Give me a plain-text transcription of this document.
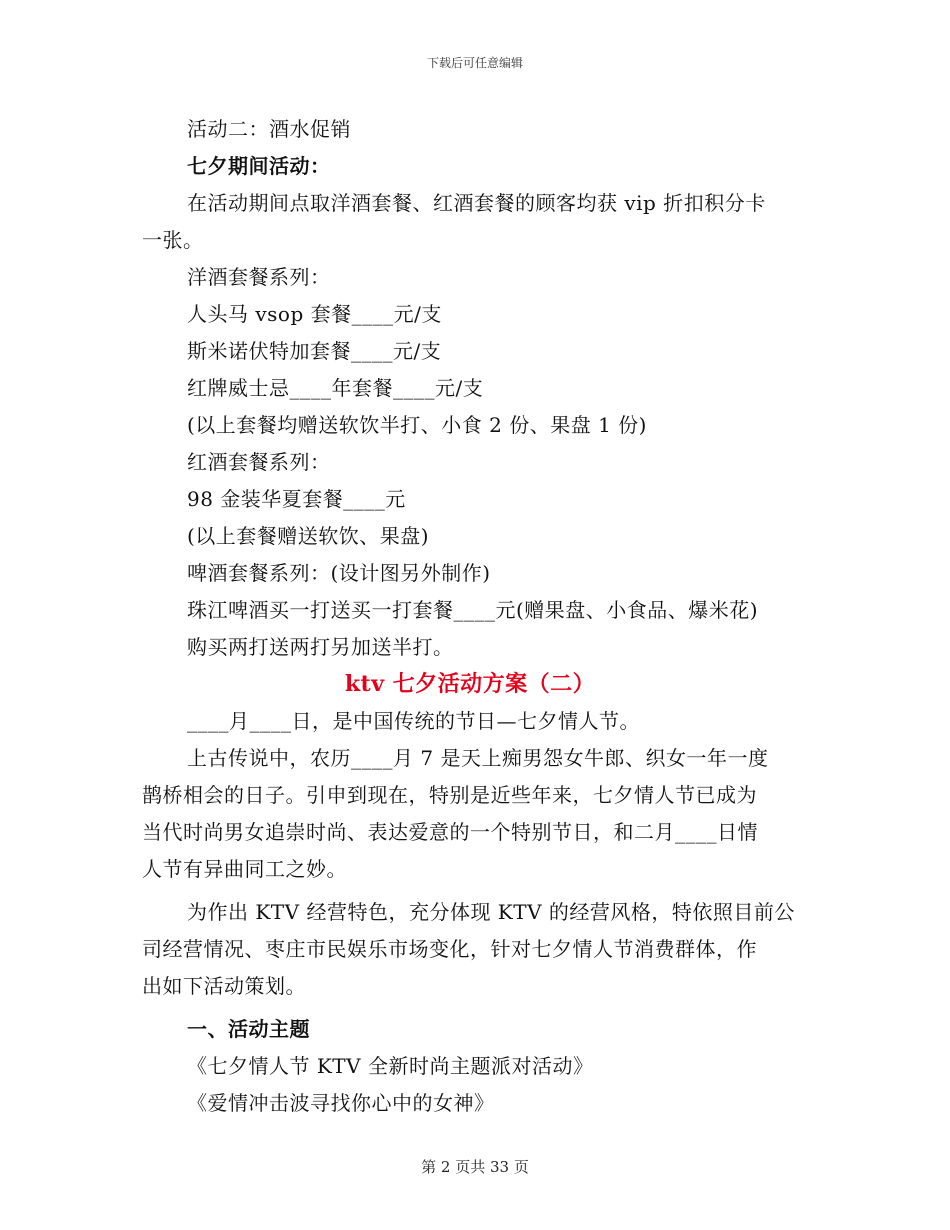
下载后可任意编辑
活动二：酒水促销
七夕期间活动：
在活动期间点取洋酒套餐、红酒套餐的顾客均获 vip 折扣积分卡
一张。
洋酒套餐系列：
人头马 vsop 套餐____元/支
斯米诺伏特加套餐____元/支
红牌威士忌____年套餐____元/支
(以上套餐均赠送软饮半打、小食 2 份、果盘 1 份)
红酒套餐系列：
98 金装华夏套餐____元
(以上套餐赠送软饮、果盘)
啤酒套餐系列：(设计图另外制作)
珠江啤酒买一打送买一打套餐____元(赠果盘、小食品、爆米花)
购买两打送两打另加送半打。
ktv 七夕活动方案（二）
____月____日，是中国传统的节日—七夕情人节。
上古传说中，农历____月 7 是天上痴男怨女牛郎、织女一年一度
鹊桥相会的日子。引申到现在，特别是近些年来，七夕情人节已成为
当代时尚男女追崇时尚、表达爱意的一个特别节日，和二月____日情
人节有异曲同工之妙。
为作出 KTV 经营特色，充分体现 KTV 的经营风格，特依照目前公
司经营情况、枣庄市民娱乐市场变化，针对七夕情人节消费群体，作
出如下活动策划。
一、活动主题
《七夕情人节 KTV 全新时尚主题派对活动》
《爱情冲击波寻找你心中的女神》
第 2 页共 33 页
